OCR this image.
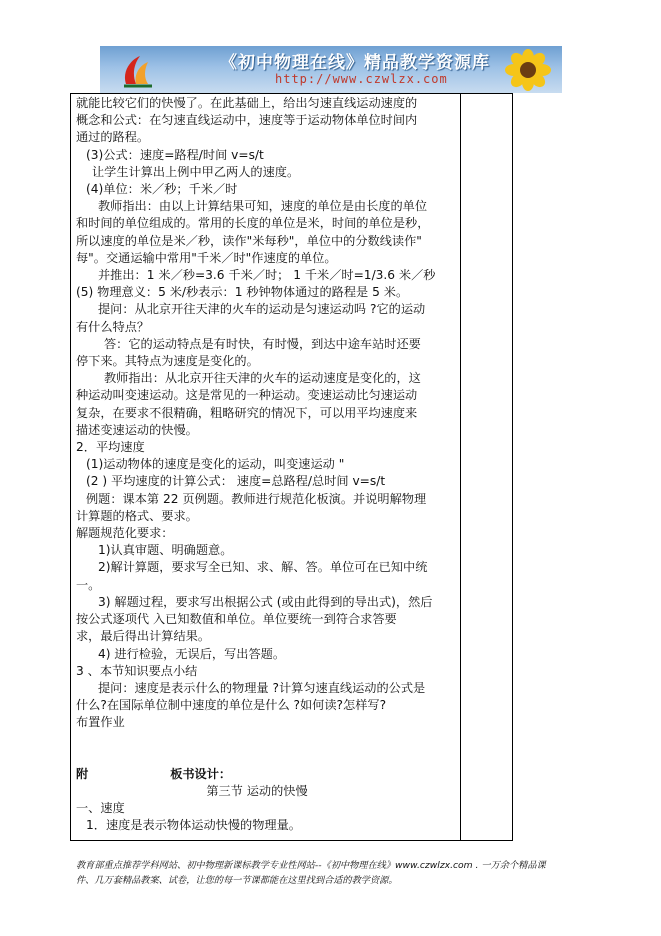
《初中物理在线》精品教学资源库
http://www.czwlzx.com

就能比较它们的快慢了。在此基础上，给出匀速直线运动速度的

概念和公式：在匀速直线运动中，速度等于运动物体单位时间内

通过的路程。

(3)公式：速度=路程/时间 v=s/t

让学生计算出上例中甲乙两人的速度。

(4)单位：米／秒；千米／时

教师指出：由以上计算结果可知，速度的单位是由长度的单位

和时间的单位组成的。常用的长度的单位是米，时间的单位是秒，

所以速度的单位是米／秒，读作"米每秒"，单位中的分数线读作"

每"。交通运输中常用"千米／时"作速度的单位。

并推出：1 米／秒=3.6 千米／时； 1 千米／时=1/3.6 米／秒

(5) 物理意义：5 米/秒表示：1 秒钟物体通过的路程是 5 米。

提问：从北京开往天津的火车的运动是匀速运动吗 ?它的运动

有什么特点？

答：它的运动特点是有时快，有时慢，到达中途车站时还要

停下来。其特点为速度是变化的。

教师指出：从北京开往天津的火车的运动速度是变化的，这

种运动叫变速运动。这是常见的一种运动。变速运动比匀速运动

复杂，在要求不很精确，粗略研究的情况下，可以用平均速度来

描述变速运动的快慢。

2．平均速度

(1)运动物体的速度是变化的运动，叫变速运动 "

(2 ) 平均速度的计算公式： 速度=总路程/总时间 v=s/t

例题：课本第 22 页例题。教师进行规范化板演。并说明解物理

计算题的格式、要求。

解题规范化要求：

1)认真审题、明确题意。

2)解计算题，要求写全已知、求、解、答。单位可在已知中统

一。

3) 解题过程，要求写出根据公式 (或由此得到的导出式)，然后

按公式逐项代 入已知数值和单位。单位要统一到符合求答要

求，最后得出计算结果。

4) 进行检验，无误后，写出答题。

3 、本节知识要点小结

提问：速度是表示什么的物理量 ?计算匀速直线运动的公式是

什么?在国际单位制中速度的单位是什么 ?如何读?怎样写?

布置作业

附	板书设计：

第三节 运动的快慢

一、速度

1．速度是表示物体运动快慢的物理量。

教育部重点推荐学科网站、初中物理新课标教学专业性网站--《初中物理在线》www.czwlzx.com . 一万余个精品课

件、几万套精品教案、试卷，让您的每一节课都能在这里找到合适的教学资源。
